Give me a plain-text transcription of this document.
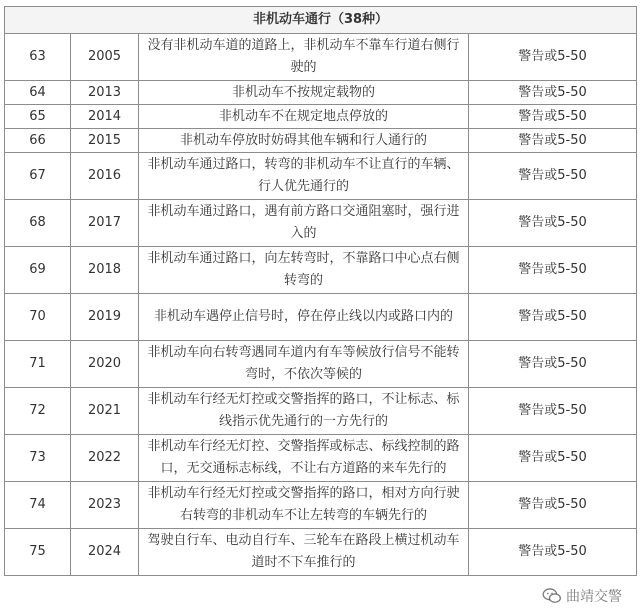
非机动车通行（38种）			
63	2005	没有非机动车道的道路上，非机动车不靠车行道右侧行驶的	警告或5-50
64	2013	非机动车不按规定载物的	警告或5-50
65	2014	非机动车不在规定地点停放的	警告或5-50
66	2015	非机动车停放时妨碍其他车辆和行人通行的	警告或5-50
67	2016	非机动车通过路口，转弯的非机动车不让直行的车辆、行人优先通行的	警告或5-50
68	2017	非机动车通过路口，遇有前方路口交通阻塞时，强行进入的	警告或5-50
69	2018	非机动车通过路口，向左转弯时，不靠路口中心点右侧转弯的	警告或5-50
70	2019	非机动车遇停止信号时，停在停止线以内或路口内的	警告或5-50
71	2020	非机动车向右转弯遇同车道内有车等候放行信号不能转弯时，不依次等候的	警告或5-50
72	2021	非机动车行经无灯控或交警指挥的路口，不让标志、标线指示优先通行的一方先行的	警告或5-50
73	2022	非机动车行经无灯控、交警指挥或标志、标线控制的路口，无交通标志标线，不让右方道路的来车先行的	警告或5-50
74	2023	非机动车行经无灯控或交警指挥的路口，相对方向行驶右转弯的非机动车不让左转弯的车辆先行的	警告或5-50
75	2024	驾驶自行车、电动自行车、三轮车在路段上横过机动车道时不下车推行的	警告或5-50
曲靖交警
